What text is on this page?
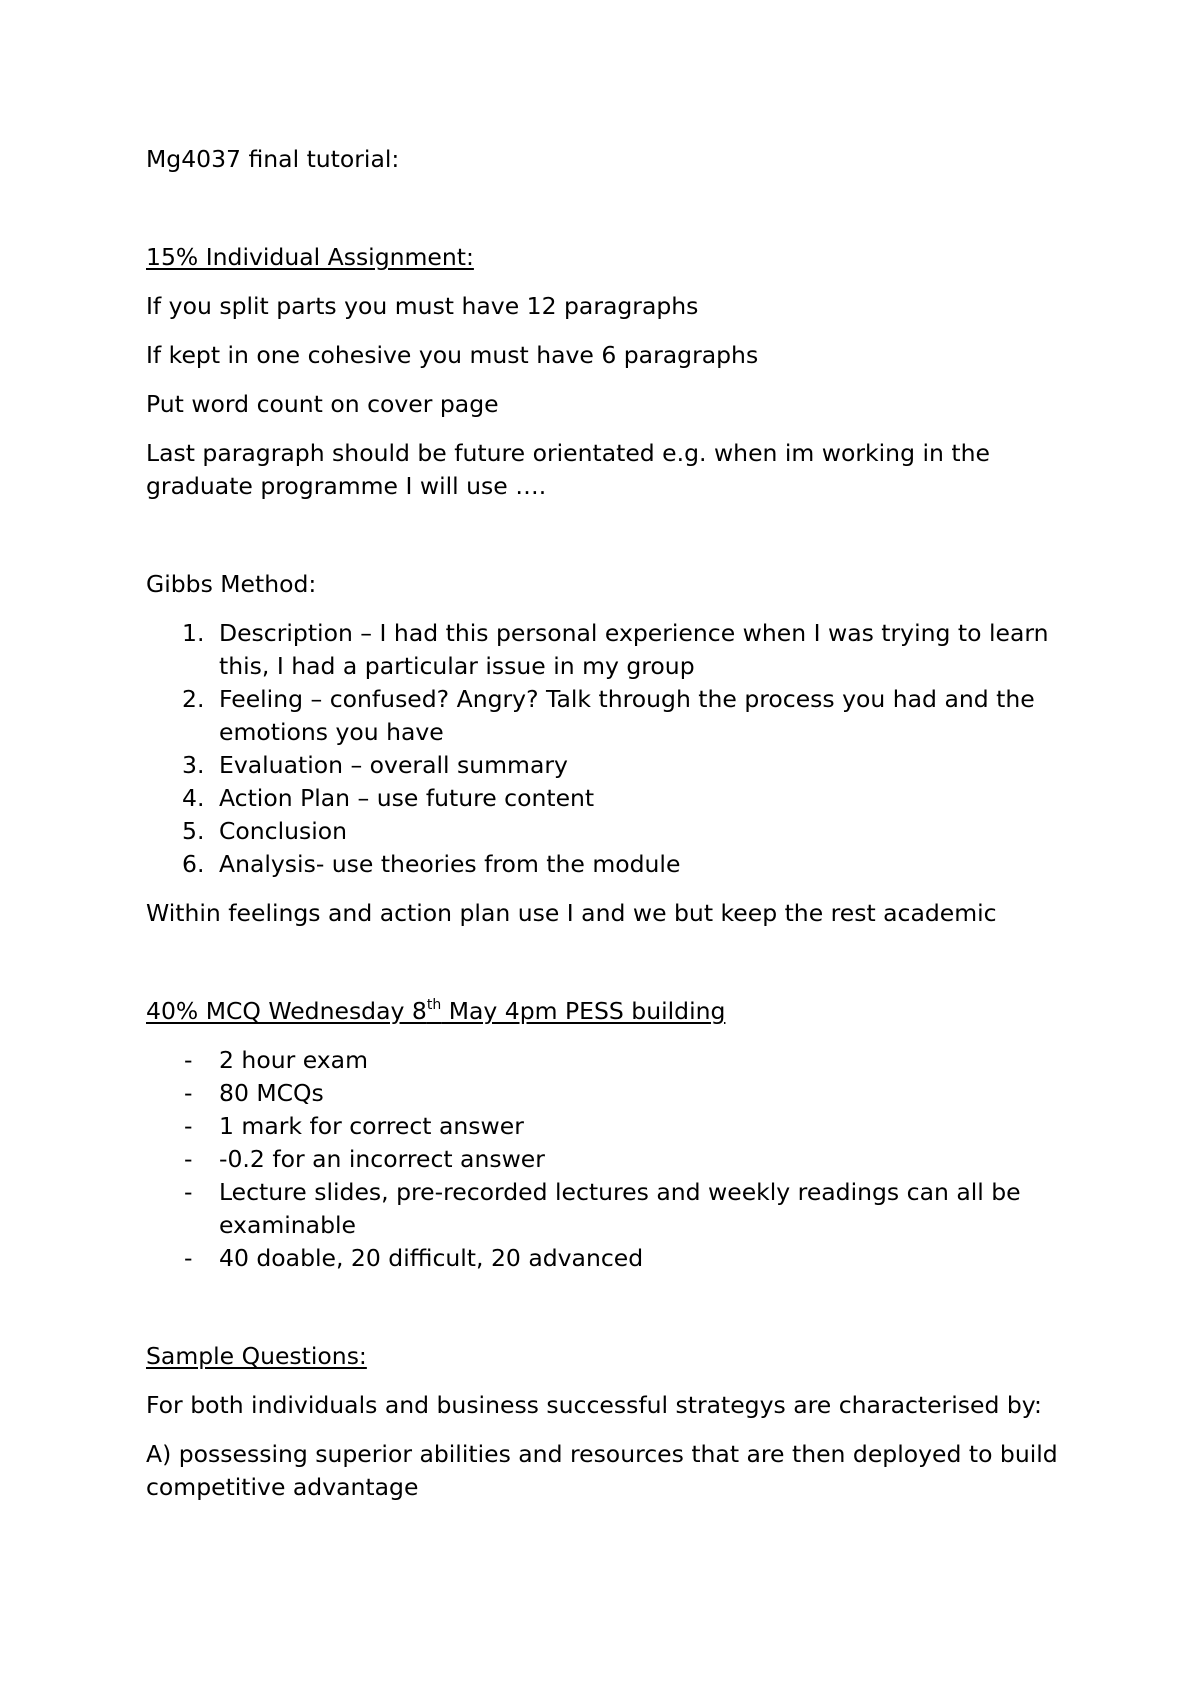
Mg4037 final tutorial:

15% Individual Assignment:

If you split parts you must have 12 paragraphs

If kept in one cohesive you must have 6 paragraphs

Put word count on cover page

Last paragraph should be future orientated e.g. when im working in the graduate programme I will use ….

Gibbs Method:

1. Description – I had this personal experience when I was trying to learn this, I had a particular issue in my group
2. Feeling – confused? Angry? Talk through the process you had and the emotions you have
3. Evaluation – overall summary
4. Action Plan – use future content
5. Conclusion
6. Analysis- use theories from the module

Within feelings and action plan use I and we but keep the rest academic

40% MCQ Wednesday 8th May 4pm PESS building

- 2 hour exam
- 80 MCQs
- 1 mark for correct answer
- -0.2 for an incorrect answer
- Lecture slides, pre-recorded lectures and weekly readings can all be examinable
- 40 doable, 20 difficult, 20 advanced

Sample Questions:

For both individuals and business successful strategys are characterised by:

A) possessing superior abilities and resources that are then deployed to build competitive advantage
